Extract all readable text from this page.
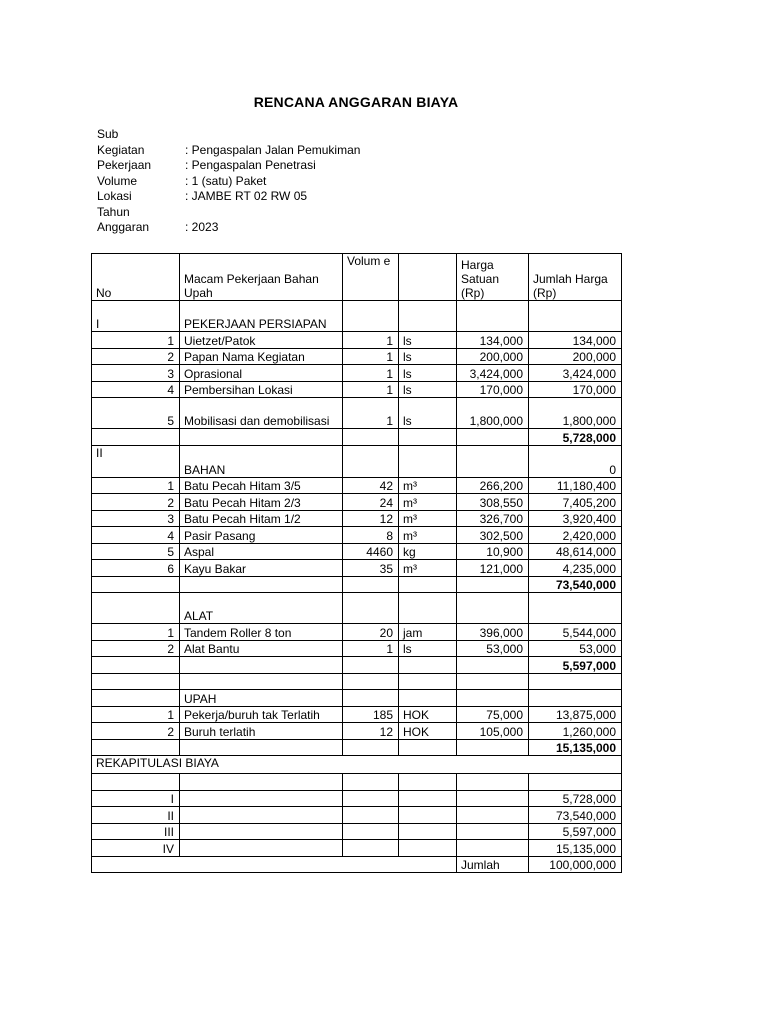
RENCANA ANGGARAN BIAYA
Sub
Kegiatan	: Pengaspalan Jalan Pemukiman
Pekerjaan	: Pengaspalan Penetrasi
Volume	: 1 (satu) Paket
Lokasi	: JAMBE RT 02 RW 05
Tahun
Anggaran	: 2023
No	Macam Pekerjaan Bahan Upah	Volum e		Harga Satuan (Rp)	Jumlah Harga (Rp)
I	PEKERJAAN PERSIAPAN				
1	Uietzet/Patok	1	ls	134,000	134,000
2	Papan Nama Kegiatan	1	ls	200,000	200,000
3	Oprasional	1	ls	3,424,000	3,424,000
4	Pembersihan Lokasi	1	ls	170,000	170,000
5	Mobilisasi dan demobilisasi	1	ls	1,800,000	1,800,000
					5,728,000
II	BAHAN				0
1	Batu Pecah Hitam 3/5	42	m³	266,200	11,180,400
2	Batu Pecah Hitam 2/3	24	m³	308,550	7,405,200
3	Batu Pecah Hitam 1/2	12	m³	326,700	3,920,400
4	Pasir Pasang	8	m³	302,500	2,420,000
5	Aspal	4460	kg	10,900	48,614,000
6	Kayu Bakar	35	m³	121,000	4,235,000
					73,540,000
	ALAT				
1	Tandem Roller 8 ton	20	jam	396,000	5,544,000
2	Alat Bantu	1	ls	53,000	53,000
					5,597,000

	UPAH				
1	Pekerja/buruh tak Terlatih	185	HOK	75,000	13,875,000
2	Buruh terlatih	12	HOK	105,000	1,260,000
					15,135,000
REKAPITULASI BIAYA					

I					5,728,000
II					73,540,000
III					5,597,000
IV					15,135,000
				Jumlah	100,000,000
